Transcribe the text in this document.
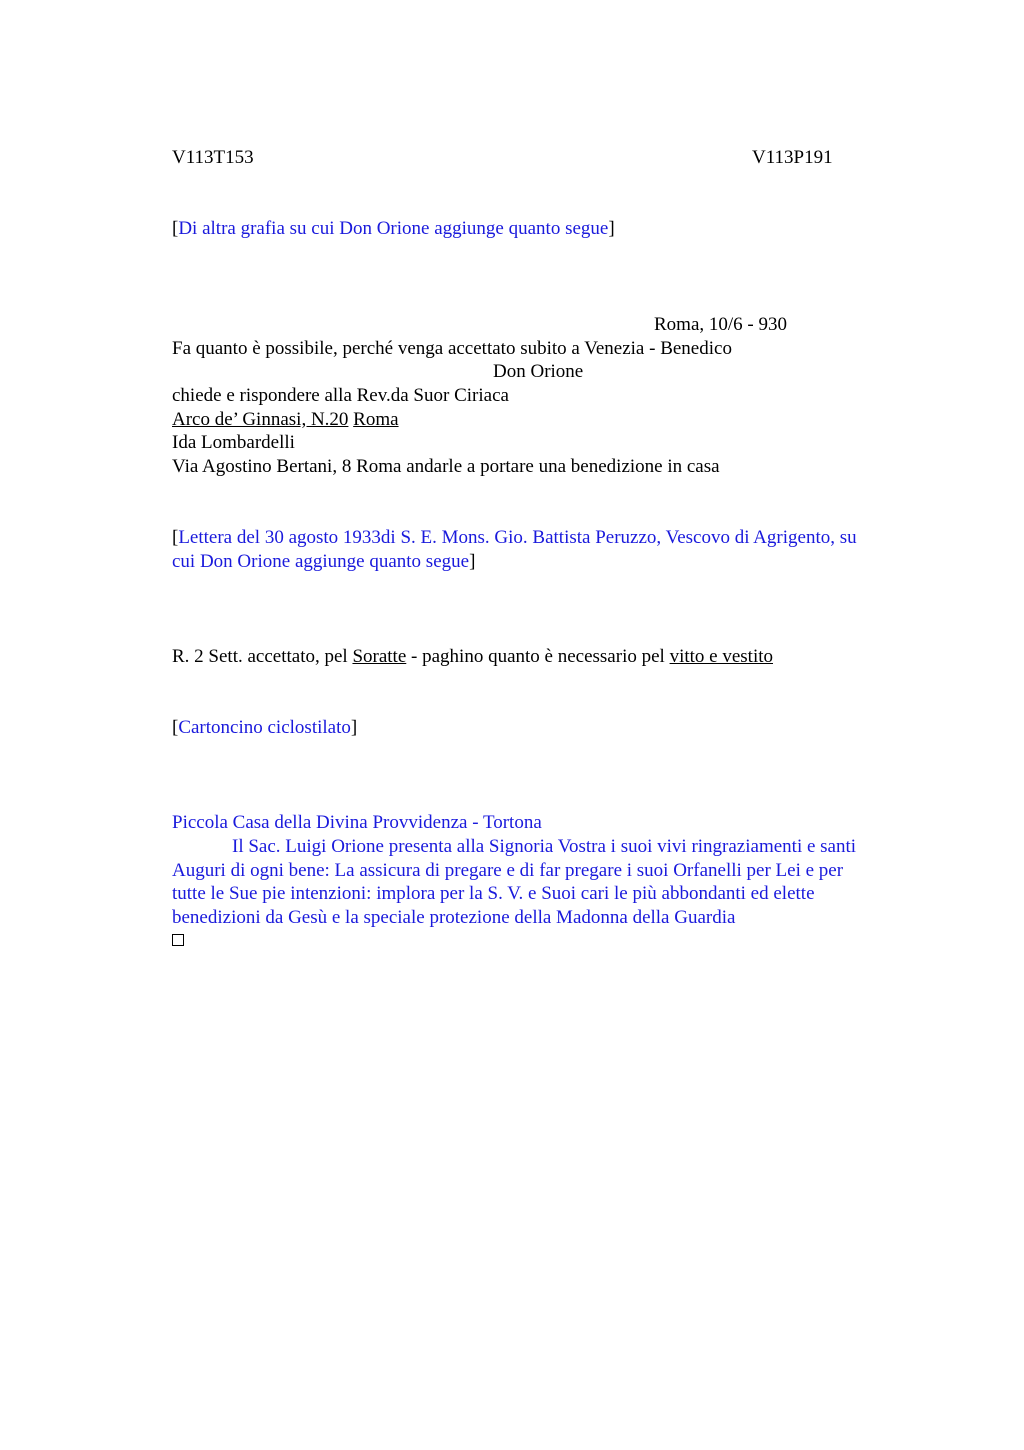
V113T153	V113P191
[Di altra grafia su cui Don Orione aggiunge quanto segue]
Roma, 10/6 - 930
Fa quanto è possibile, perché venga accettato subito a Venezia - Benedico
Don Orione
chiede e rispondere alla Rev.da Suor Ciriaca
Arco de’ Ginnasi, N.20 Roma
Ida Lombardelli
Via Agostino Bertani, 8 Roma andarle a portare una benedizione in casa
[Lettera del 30 agosto 1933di S. E. Mons. Gio. Battista Peruzzo, Vescovo di Agrigento, su
cui Don Orione aggiunge quanto segue]
R. 2 Sett. accettato, pel Soratte - paghino quanto è necessario pel vitto e vestito
[Cartoncino ciclostilato]
Piccola Casa della Divina Provvidenza - Tortona
Il Sac. Luigi Orione presenta alla Signoria Vostra i suoi vivi ringraziamenti e santi
Auguri di ogni bene: La assicura di pregare e di far pregare i suoi Orfanelli per Lei e per
tutte le Sue pie intenzioni: implora per la S. V. e Suoi cari le più abbondanti ed elette
benedizioni da Gesù e la speciale protezione della Madonna della Guardia
